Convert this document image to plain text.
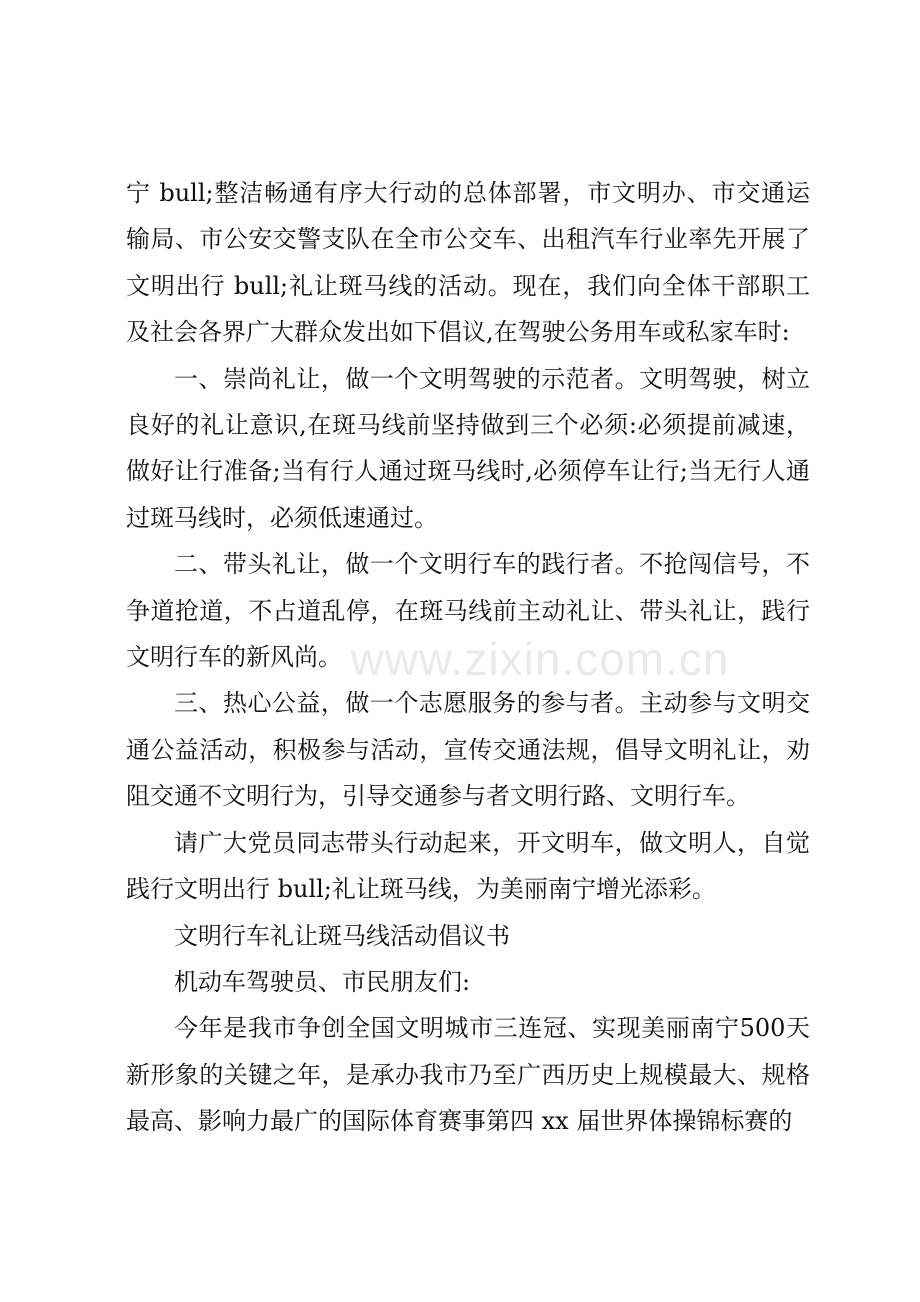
宁 bull;整洁畅通有序大行动的总体部署，市文明办、市交通运输局、市公安交警支队在全市公交车、出租汽车行业率先开展了文明出行 bull;礼让斑马线的活动。现在，我们向全体干部职工及社会各界广大群众发出如下倡议,在驾驶公务用车或私家车时:

一、崇尚礼让，做一个文明驾驶的示范者。文明驾驶，树立良好的礼让意识,在斑马线前坚持做到三个必须:必须提前减速，做好让行准备;当有行人通过斑马线时,必须停车让行;当无行人通过斑马线时，必须低速通过。

二、带头礼让，做一个文明行车的践行者。不抢闯信号，不争道抢道，不占道乱停，在斑马线前主动礼让、带头礼让，践行文明行车的新风尚。

三、热心公益，做一个志愿服务的参与者。主动参与文明交通公益活动，积极参与活动，宣传交通法规，倡导文明礼让，劝阻交通不文明行为，引导交通参与者文明行路、文明行车。

请广大党员同志带头行动起来，开文明车，做文明人，自觉践行文明出行 bull;礼让斑马线，为美丽南宁增光添彩。

文明行车礼让斑马线活动倡议书

机动车驾驶员、市民朋友们:

今年是我市争创全国文明城市三连冠、实现美丽南宁500天新形象的关键之年，是承办我市乃至广西历史上规模最大、规格最高、影响力最广的国际体育赛事第四 xx 届世界体操锦标赛的

www.zixin.com.cn
